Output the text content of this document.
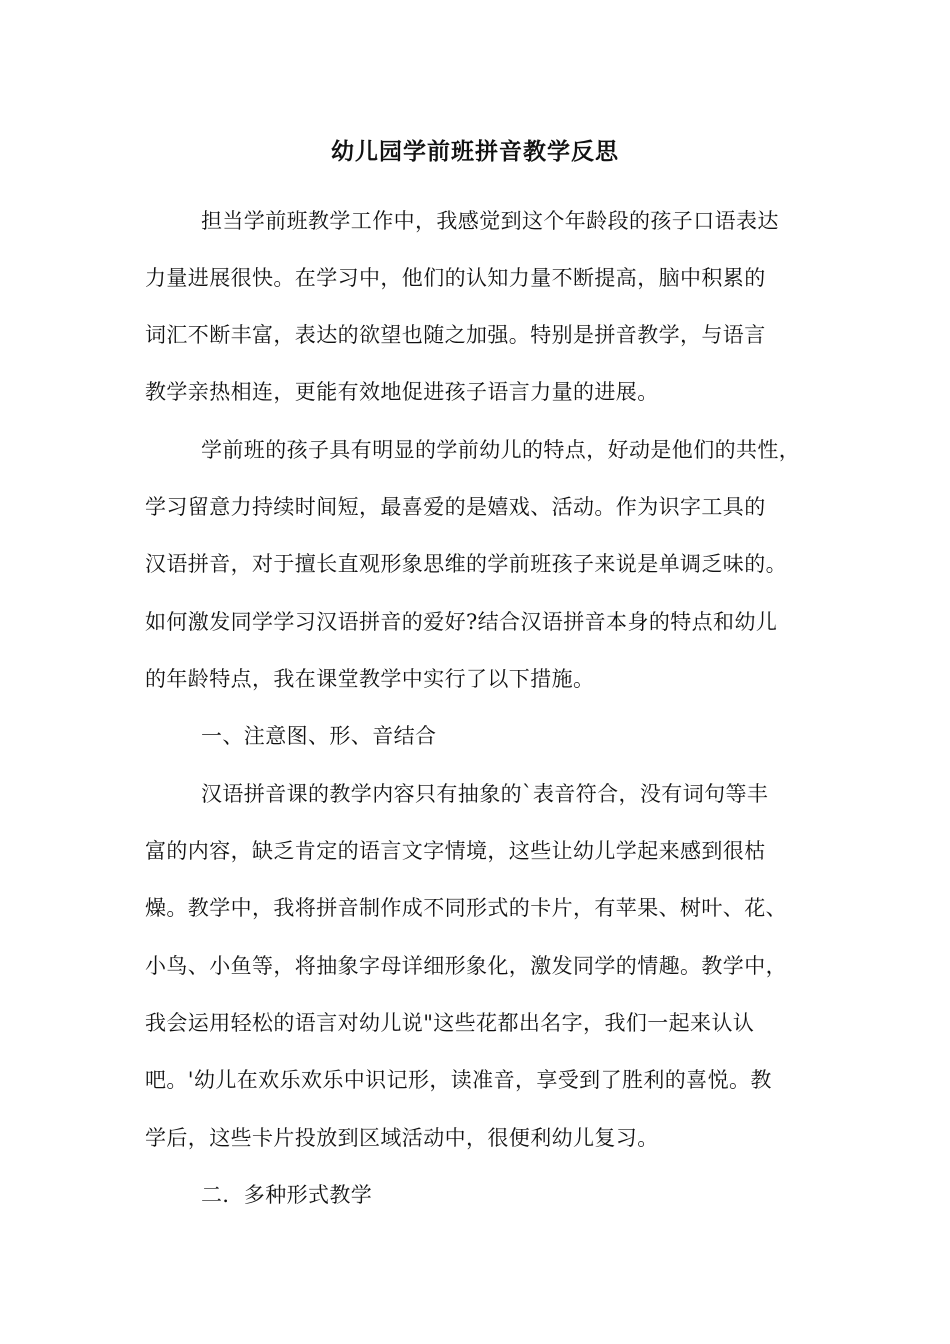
幼儿园学前班拼音教学反思
担当学前班教学工作中，我感觉到这个年龄段的孩子口语表达
力量进展很快。在学习中，他们的认知力量不断提高，脑中积累的
词汇不断丰富，表达的欲望也随之加强。特别是拼音教学，与语言
教学亲热相连，更能有效地促进孩子语言力量的进展。
学前班的孩子具有明显的学前幼儿的特点，好动是他们的共性，
学习留意力持续时间短，最喜爱的是嬉戏、活动。作为识字工具的
汉语拼音，对于擅长直观形象思维的学前班孩子来说是单调乏味的。
如何激发同学学习汉语拼音的爱好?结合汉语拼音本身的特点和幼儿
的年龄特点，我在课堂教学中实行了以下措施。
一、注意图、形、音结合
汉语拼音课的教学内容只有抽象的`表音符合，没有词句等丰
富的内容，缺乏肯定的语言文字情境，这些让幼儿学起来感到很枯
燥。教学中，我将拼音制作成不同形式的卡片，有苹果、树叶、花、
小鸟、小鱼等，将抽象字母详细形象化，激发同学的情趣。教学中，
我会运用轻松的语言对幼儿说"这些花都出名字，我们一起来认认
吧。'幼儿在欢乐欢乐中识记形，读准音，享受到了胜利的喜悦。教
学后，这些卡片投放到区域活动中，很便利幼儿复习。
二．多种形式教学
